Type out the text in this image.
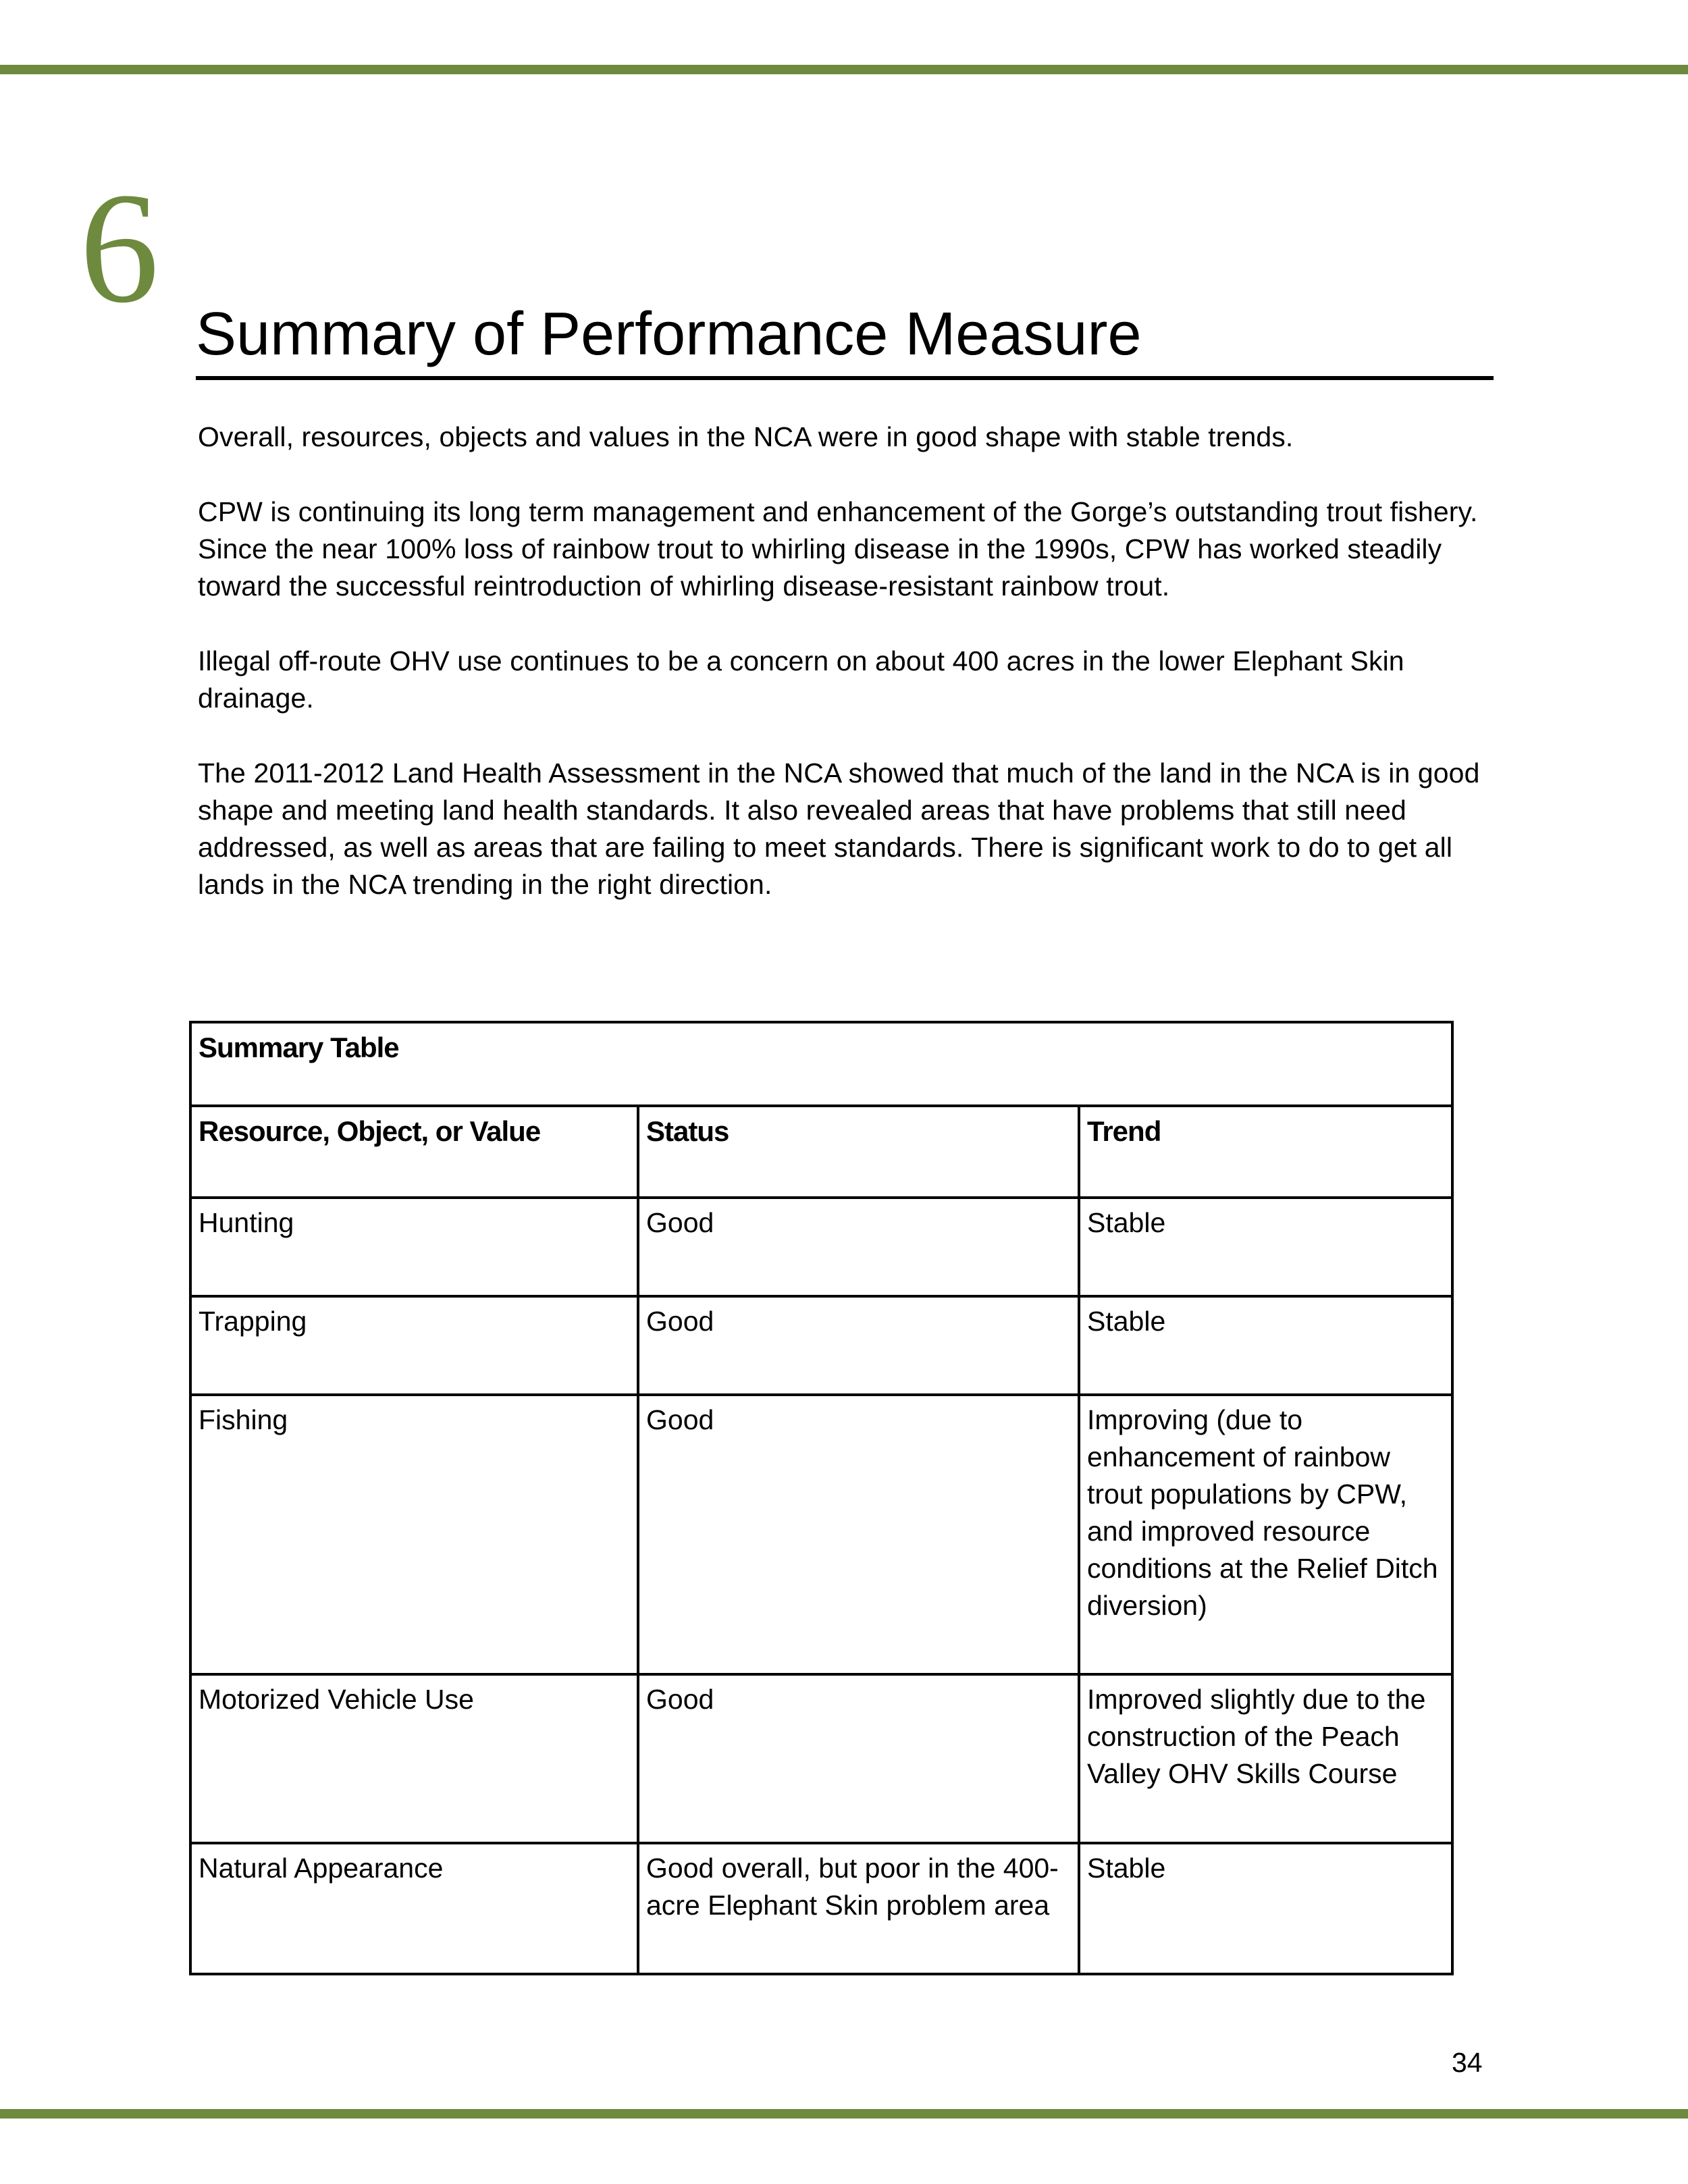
6 Summary of Performance Measure

Overall, resources, objects and values in the NCA were in good shape with stable trends.

CPW is continuing its long term management and enhancement of the Gorge’s outstanding trout fishery. Since the near 100% loss of rainbow trout to whirling disease in the 1990s, CPW has worked steadily toward the successful reintroduction of whirling disease-resistant rainbow trout.

Illegal off-route OHV use continues to be a concern on about 400 acres in the lower Elephant Skin drainage.

The 2011-2012 Land Health Assessment in the NCA showed that much of the land in the NCA is in good shape and meeting land health standards. It also revealed areas that have problems that still need addressed, as well as areas that are failing to meet standards. There is significant work to do to get all lands in the NCA trending in the right direction.

Summary Table		
Resource, Object, or Value	Status	Trend
Hunting	Good	Stable
Trapping	Good	Stable
Fishing	Good	Improving (due to enhancement of rainbow trout populations by CPW, and improved resource conditions at the Relief Ditch diversion)
Motorized Vehicle Use	Good	Improved slightly due to the construction of the Peach Valley OHV Skills Course
Natural Appearance	Good overall, but poor in the 400-acre Elephant Skin problem area	Stable
34
